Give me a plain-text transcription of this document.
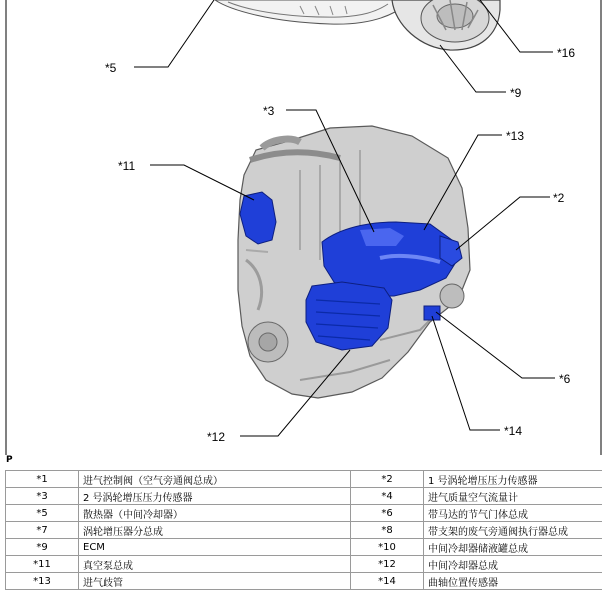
*5
*16
*9
*3
*13
*11
*2
*6
*12	*14
P
*1	进气控制阀（空气旁通阀总成）	*2	1 号涡轮增压压力传感器
*3	2 号涡轮增压压力传感器	*4	进气质量空气流量计
*5	散热器（中间冷却器）	*6	带马达的节气门体总成
*7	涡轮增压器分总成	*8	带支架的废气旁通阀执行器总成
*9	ECM	*10	中间冷却器储液罐总成
*11	真空泵总成	*12	中间冷却器总成
*13	进气歧管	*14	曲轴位置传感器
